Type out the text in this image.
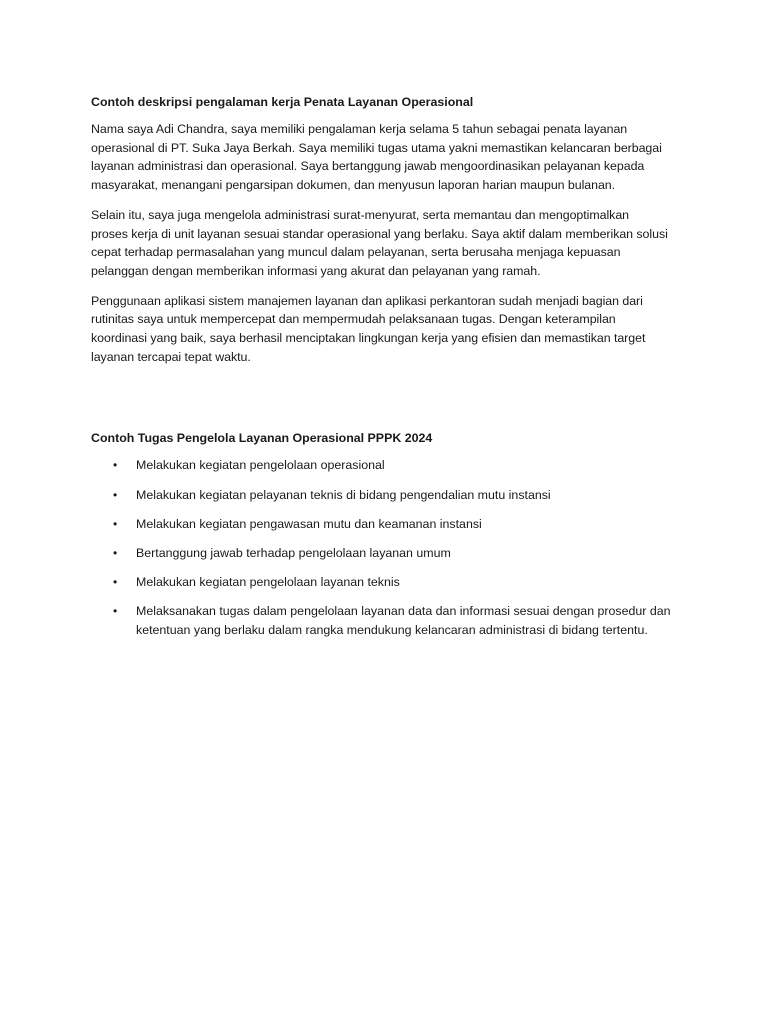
Contoh deskripsi pengalaman kerja Penata Layanan Operasional

Nama saya Adi Chandra, saya memiliki pengalaman kerja selama 5 tahun sebagai penata layanan
operasional di PT. Suka Jaya Berkah. Saya memiliki tugas utama yakni memastikan kelancaran berbagai
layanan administrasi dan operasional. Saya bertanggung jawab mengoordinasikan pelayanan kepada
masyarakat, menangani pengarsipan dokumen, dan menyusun laporan harian maupun bulanan.

Selain itu, saya juga mengelola administrasi surat-menyurat, serta memantau dan mengoptimalkan
proses kerja di unit layanan sesuai standar operasional yang berlaku. Saya aktif dalam memberikan solusi
cepat terhadap permasalahan yang muncul dalam pelayanan, serta berusaha menjaga kepuasan
pelanggan dengan memberikan informasi yang akurat dan pelayanan yang ramah.

Penggunaan aplikasi sistem manajemen layanan dan aplikasi perkantoran sudah menjadi bagian dari
rutinitas saya untuk mempercepat dan mempermudah pelaksanaan tugas. Dengan keterampilan
koordinasi yang baik, saya berhasil menciptakan lingkungan kerja yang efisien dan memastikan target
layanan tercapai tepat waktu.

Contoh Tugas Pengelola Layanan Operasional PPPK 2024

• Melakukan kegiatan pengelolaan operasional
• Melakukan kegiatan pelayanan teknis di bidang pengendalian mutu instansi
• Melakukan kegiatan pengawasan mutu dan keamanan instansi
• Bertanggung jawab terhadap pengelolaan layanan umum
• Melakukan kegiatan pengelolaan layanan teknis
• Melaksanakan tugas dalam pengelolaan layanan data dan informasi sesuai dengan prosedur dan
ketentuan yang berlaku dalam rangka mendukung kelancaran administrasi di bidang tertentu.
